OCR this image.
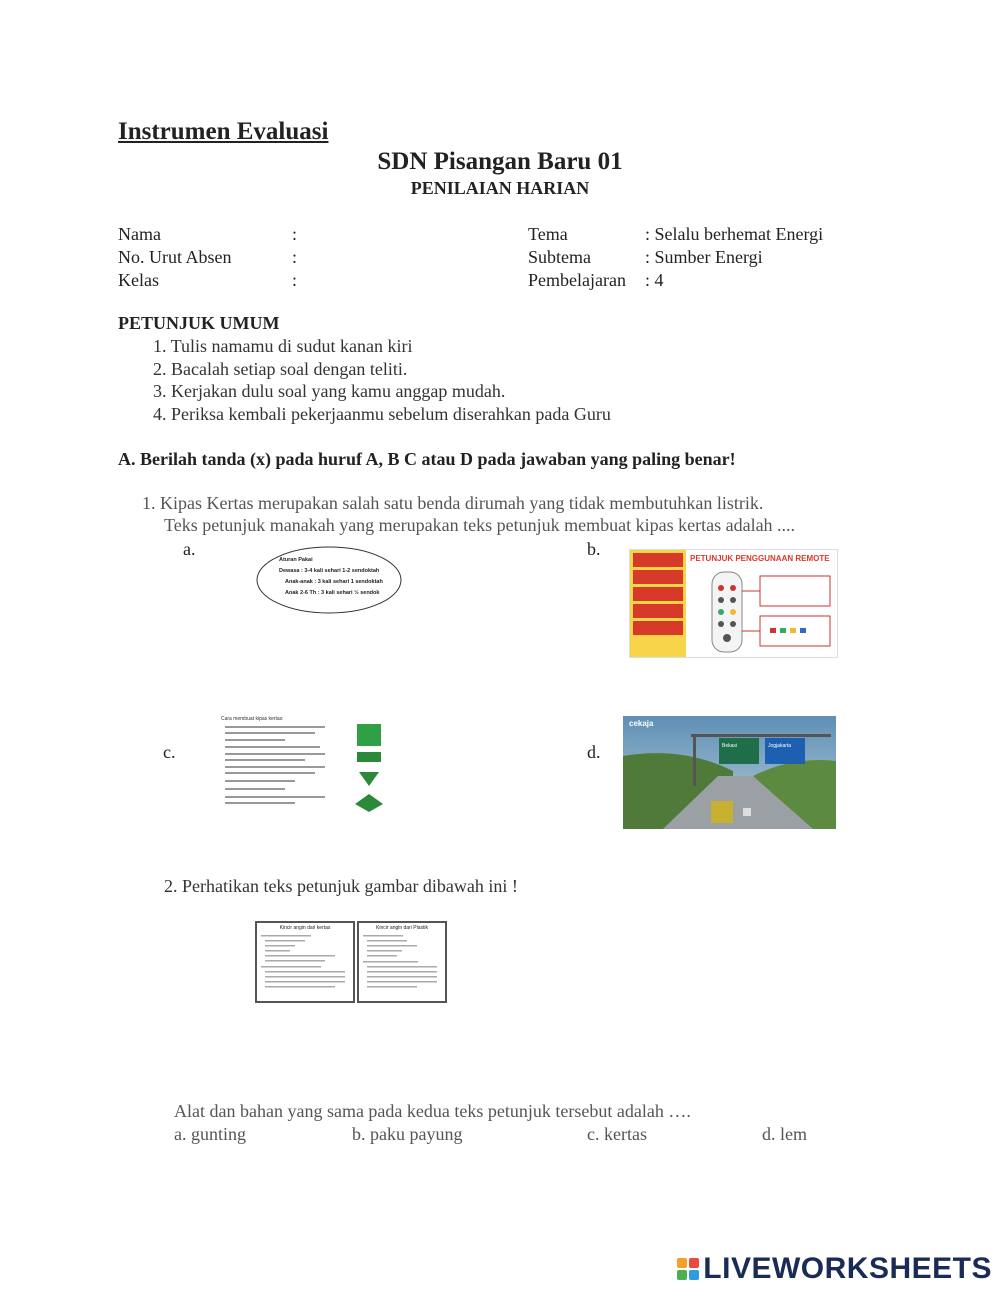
Instrumen Evaluasi
SDN Pisangan Baru 01
PENILAIAN HARIAN
Nama	:
No. Urut Absen	:
Kelas	:
Tema	: Selalu berhemat Energi
Subtema	: Sumber Energi
Pembelajaran : 4
PETUNJUK UMUM
1. Tulis namamu di sudut kanan kiri
2. Bacalah setiap soal dengan teliti.
3. Kerjakan dulu soal yang kamu anggap mudah.
4. Periksa kembali pekerjaanmu sebelum diserahkan pada Guru
A. Berilah tanda (x) pada huruf A, B C atau D pada jawaban yang paling benar!
1. Kipas Kertas merupakan salah satu benda dirumah yang tidak membutuhkan listrik.
Teks petunjuk manakah yang merupakan teks petunjuk membuat kipas kertas adalah ....
a.	b.
c.	d.
Aturan Pakai
Dewasa : 3-4 kali sehari 1-2 sendoktah
Anak-anak : 3 kali sehari 1 sendoktah
Anak 2-6 Th : 3 kali sehari ½ sendok
PETUNJUK PENGGUNAAN REMOTE
Cara membuat kipas kertas:	cekaja
Bekasi	Jogjakarta
2. Perhatikan teks petunjuk gambar dibawah ini !
Kincir angin dari kertas	Kincir angin dari Plastik
Alat dan bahan yang sama pada kedua teks petunjuk tersebut adalah ….
a. gunting	b. paku payung	c. kertas	d. lem
LIVEWORKSHEETS
